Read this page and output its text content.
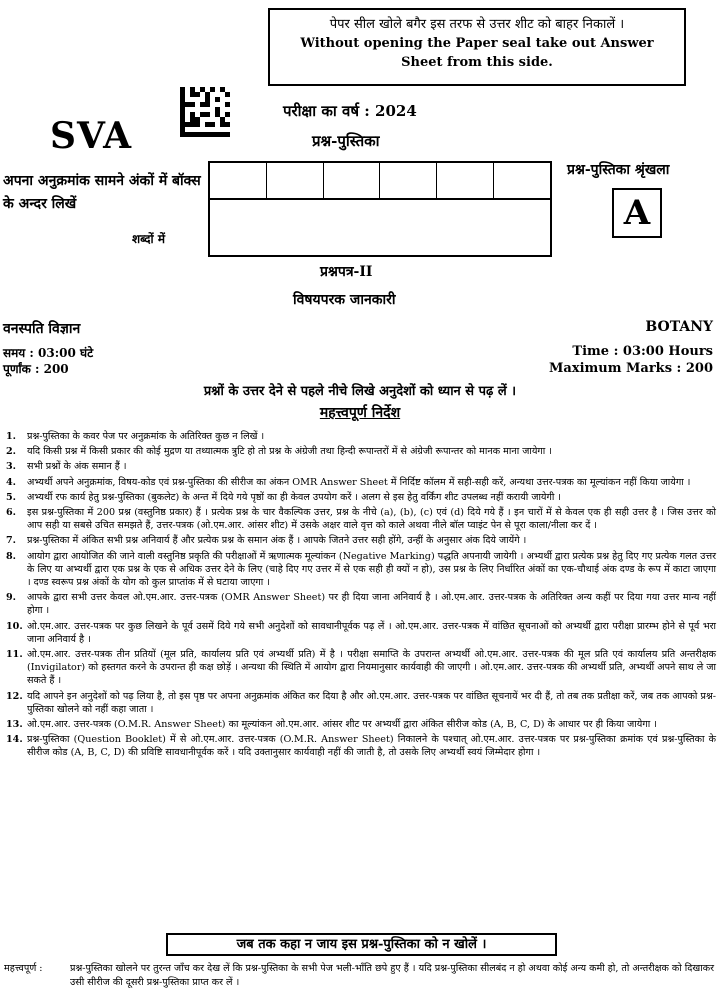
पेपर सील खोले बगैर इस तरफ से उत्तर शीट को बाहर निकालें ।
Without opening the Paper seal take out Answer Sheet from this side.
परीक्षा का वर्ष : 2024
SVA	प्रश्न-पुस्तिका
अपना अनुक्रमांक सामने अंकों में बॉक्स के अन्दर लिखें
शब्दों में
प्रश्न-पुस्तिका श्रृंखला
A
प्रश्नपत्र-II
विषयपरक जानकारी
वनस्पति विज्ञान
समय : 03:00 घंटे
पूर्णांक : 200
BOTANY
Time : 03:00 Hours
Maximum Marks : 200
प्रश्नों के उत्तर देने से पहले नीचे लिखे अनुदेशों को ध्यान से पढ़ लें ।
महत्त्वपूर्ण निर्देश
1.	प्रश्न-पुस्तिका के कवर पेज पर अनुक्रमांक के अतिरिक्त कुछ न लिखें ।
2.	यदि किसी प्रश्न में किसी प्रकार की कोई मुद्रण या तथ्यात्मक त्रुटि हो तो प्रश्न के अंग्रेजी तथा हिन्दी रूपान्तरों में से अंग्रेजी रूपान्तर को मानक माना जायेगा ।
3.	सभी प्रश्नों के अंक समान हैं ।
4.	अभ्यर्थी अपने अनुक्रमांक, विषय-कोड एवं प्रश्न-पुस्तिका की सीरीज का अंकन OMR Answer Sheet में निर्दिष्ट कॉलम में सही-सही करें, अन्यथा उत्तर-पत्रक का मूल्यांकन नहीं किया जायेगा ।
5.	अभ्यर्थी रफ कार्य हेतु प्रश्न-पुस्तिका (बुकलेट) के अन्त में दिये गये पृष्ठों का ही केवल उपयोग करें । अलग से इस हेतु वर्किंग शीट उपलब्ध नहीं करायी जायेगी ।
6.	इस प्रश्न-पुस्तिका में 200 प्रश्न (वस्तुनिष्ठ प्रकार) हैं । प्रत्येक प्रश्न के चार वैकल्पिक उत्तर, प्रश्न के नीचे (a), (b), (c) एवं (d) दिये गये हैं । इन चारों में से केवल एक ही सही उत्तर है । जिस उत्तर को आप सही या सबसे उचित समझते हैं, उत्तर-पत्रक (ओ.एम.आर. आंसर शीट) में उसके अक्षर वाले वृत्त को काले अथवा नीले बॉल प्वाइंट पेन से पूरा काला/नीला कर दें ।
7.	प्रश्न-पुस्तिका में अंकित सभी प्रश्न अनिवार्य हैं और प्रत्येक प्रश्न के समान अंक हैं । आपके जितने उत्तर सही होंगे, उन्हीं के अनुसार अंक दिये जायेंगे ।
8.	आयोग द्वारा आयोजित की जाने वाली वस्तुनिष्ठ प्रकृति की परीक्षाओं में ऋणात्मक मूल्यांकन (Negative Marking) पद्धति अपनायी जायेगी । अभ्यर्थी द्वारा प्रत्येक प्रश्न हेतु दिए गए प्रत्येक गलत उत्तर के लिए या अभ्यर्थी द्वारा एक प्रश्न के एक से अधिक उत्तर देने के लिए (चाहे दिए गए उत्तर में से एक सही ही क्यों न हो), उस प्रश्न के लिए निर्धारित अंकों का एक-चौथाई अंक दण्ड के रूप में काटा जाएगा । दण्ड स्वरूप प्रश्न अंकों के योग को कुल प्राप्तांक में से घटाया जाएगा ।
9.	आपके द्वारा सभी उत्तर केवल ओ.एम.आर. उत्तर-पत्रक (OMR Answer Sheet) पर ही दिया जाना अनिवार्य है । ओ.एम.आर. उत्तर-पत्रक के अतिरिक्त अन्य कहीं पर दिया गया उत्तर मान्य नहीं होगा ।
10. ओ.एम.आर. उत्तर-पत्रक पर कुछ लिखने के पूर्व उसमें दिये गये सभी अनुदेशों को सावधानीपूर्वक पढ़ लें । ओ.एम.आर. उत्तर-पत्रक में वांछित सूचनाओं को अभ्यर्थी द्वारा परीक्षा प्रारम्भ होने से पूर्व भरा जाना अनिवार्य है ।
11. ओ.एम.आर. उत्तर-पत्रक तीन प्रतियों (मूल प्रति, कार्यालय प्रति एवं अभ्यर्थी प्रति) में है । परीक्षा समाप्ति के उपरान्त अभ्यर्थी ओ.एम.आर. उत्तर-पत्रक की मूल प्रति एवं कार्यालय प्रति अन्तरीक्षक (Invigilator) को हस्तगत करने के उपरान्त ही कक्ष छोड़ें । अन्यथा की स्थिति में आयोग द्वारा नियमानुसार कार्यवाही की जाएगी । ओ.एम.आर. उत्तर-पत्रक की अभ्यर्थी प्रति, अभ्यर्थी अपने साथ ले जा सकते हैं ।
12. यदि आपने इन अनुदेशों को पढ़ लिया है, तो इस पृष्ठ पर अपना अनुक्रमांक अंकित कर दिया है और ओ.एम.आर. उत्तर-पत्रक पर वांछित सूचनायें भर दी हैं, तो तब तक प्रतीक्षा करें, जब तक आपको प्रश्न-पुस्तिका खोलने को नहीं कहा जाता ।
13. ओ.एम.आर. उत्तर-पत्रक (O.M.R. Answer Sheet) का मूल्यांकन ओ.एम.आर. आंसर शीट पर अभ्यर्थी द्वारा अंकित सीरीज कोड (A, B, C, D) के आधार पर ही किया जायेगा ।
14. प्रश्न-पुस्तिका (Question Booklet) में से ओ.एम.आर. उत्तर-पत्रक (O.M.R. Answer Sheet) निकालने के पश्चात् ओ.एम.आर. उत्तर-पत्रक पर प्रश्न-पुस्तिका क्रमांक एवं प्रश्न-पुस्तिका के सीरीज कोड (A, B, C, D) की प्रविष्टि सावधानीपूर्वक करें । यदि उक्तानुसार कार्यवाही नहीं की जाती है, तो उसके लिए अभ्यर्थी स्वयं जिम्मेदार होगा ।
जब तक कहा न जाय इस प्रश्न-पुस्तिका को न खोलें ।
महत्त्वपूर्ण :	प्रश्न-पुस्तिका खोलने पर तुरन्त जाँच कर देख लें कि प्रश्न-पुस्तिका के सभी पेज भली-भाँति छपे हुए हैं । यदि प्रश्न-पुस्तिका सीलबंद न हो अथवा कोई अन्य कमी हो, तो अन्तरीक्षक को दिखाकर उसी सीरीज की दूसरी प्रश्न-पुस्तिका प्राप्त कर लें ।
